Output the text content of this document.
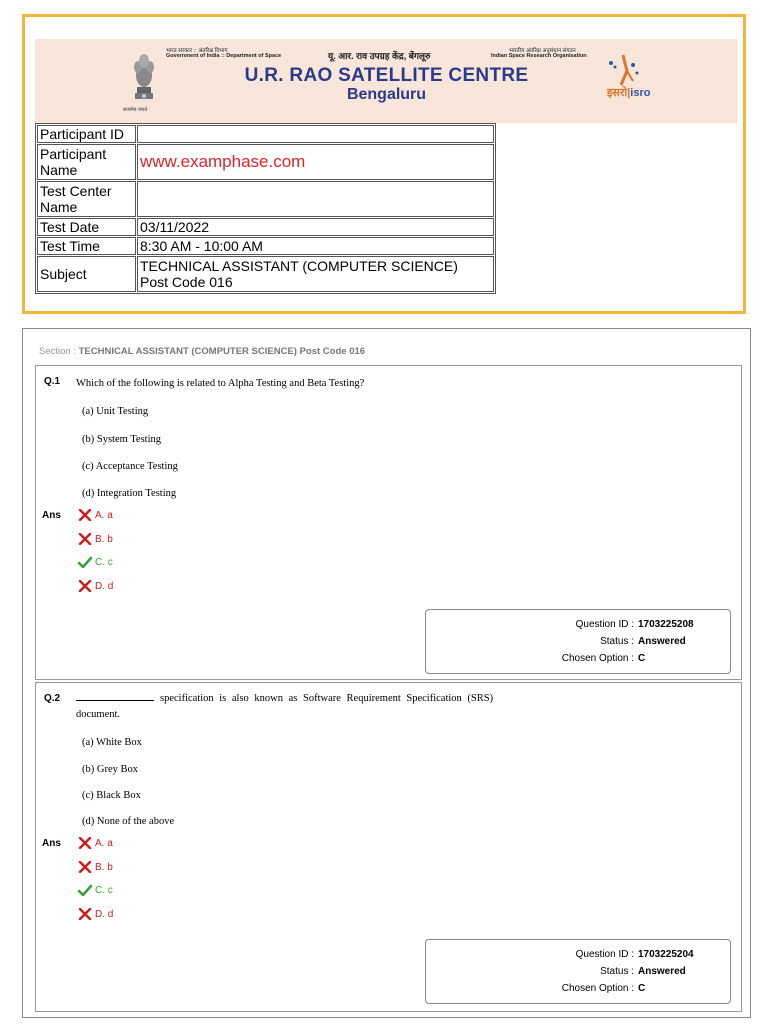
सत्यमेव जयते
भारत सरकार :: अंतरिक्ष विभाग
Government of India :: Department of Space	यू. आर. राव उपग्रह केंद्र, बेंगलूरु	भारतीय अंतरिक्ष अनुसंधान संगठन
Indian Space Research Organisation
U.R. RAO SATELLITE CENTRE
Bengaluru	इसरो|isro
Participant ID	
Participant Name	www.examphase.com
Test Center Name	
Test Date	03/11/2022
Test Time	8:30 AM - 10:00 AM
Subject	TECHNICAL ASSISTANT (COMPUTER SCIENCE)
Post Code 016
Section : TECHNICAL ASSISTANT (COMPUTER SCIENCE) Post Code 016
Q.1 Which of the following is related to Alpha Testing and Beta Testing?
(a) Unit Testing
(b) System Testing
(c) Acceptance Testing
(d) Integration Testing
Ans	A. a
B. b
C. c
D. d
Question ID : 1703225208
Status : Answered
Chosen Option : C
Q.2	specification is also known as Software Requirement Specification (SRS)
document.
(a) White Box
(b) Grey Box
(c) Black Box
(d) None of the above
Ans	A. a
B. b
C. c
D. d
Question ID : 1703225204
Status : Answered
Chosen Option : C
